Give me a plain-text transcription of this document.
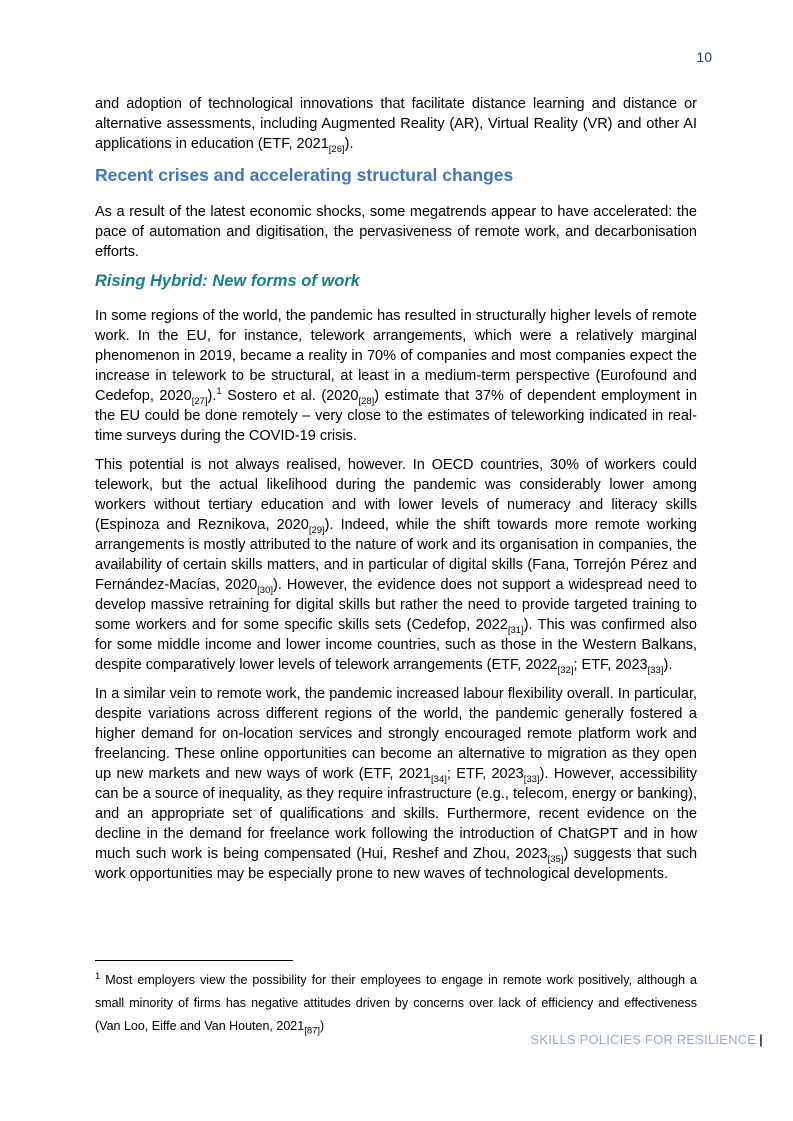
10

and adoption of technological innovations that facilitate distance learning and distance or alternative assessments, including Augmented Reality (AR), Virtual Reality (VR) and other AI applications in education (ETF, $2021_{[26]}$).

Recent crises and accelerating structural changes

As a result of the latest economic shocks, some megatrends appear to have accelerated: the pace of automation and digitisation, the pervasiveness of remote work, and decarbonisation efforts.

Rising Hybrid: New forms of work

In some regions of the world, the pandemic has resulted in structurally higher levels of remote work. In the EU, for instance, telework arrangements, which were a relatively marginal phenomenon in 2019, became a reality in 70% of companies and most companies expect the increase in telework to be structural, at least in a medium-term perspective (Eurofound and Cedefop, $2020_{[27]}).^1$ Sostero et al. $(2020_{[28]})$ estimate that 37% of dependent employment in the EU could be done remotely – very close to the estimates of teleworking indicated in real-time surveys during the COVID-19 crisis.

This potential is not always realised, however. In OECD countries, 30% of workers could telework, but the actual likelihood during the pandemic was considerably lower among workers without tertiary education and with lower levels of numeracy and literacy skills (Espinoza and Reznikova, $2020_{[29]}$). Indeed, while the shift towards more remote working arrangements is mostly attributed to the nature of work and its organisation in companies, the availability of certain skills matters, and in particular of digital skills (Fana, Torrejón Pérez and Fernández-Macías, $2020_{[30]}$). However, the evidence does not support a widespread need to develop massive retraining for digital skills but rather the need to provide targeted training to some workers and for some specific skills sets (Cedefop, $2022_{[31]}$). This was confirmed also for some middle income and lower income countries, such as those in the Western Balkans, despite comparatively lower levels of telework arrangements (ETF, $2022_{[32]}$; ETF, $2023_{[33]}$).

In a similar vein to remote work, the pandemic increased labour flexibility overall. In particular, despite variations across different regions of the world, the pandemic generally fostered a higher demand for on-location services and strongly encouraged remote platform work and freelancing. These online opportunities can become an alternative to migration as they open up new markets and new ways of work (ETF, $2021_{[34]}$; ETF, $2023_{[33]}$). However, accessibility can be a source of inequality, as they require infrastructure (e.g., telecom, energy or banking), and an appropriate set of qualifications and skills. Furthermore, recent evidence on the decline in the demand for freelance work following the introduction of ChatGPT and in how much such work is being compensated (Hui, Reshef and Zhou, $2023_{[35]}$) suggests that such work opportunities may be especially prone to new waves of technological developments.

$^1$ Most employers view the possibility for their employees to engage in remote work positively, although a small minority of firms has negative attitudes driven by concerns over lack of efficiency and effectiveness (Van Loo, Eiffe and Van Houten, $2021_{[87]}$)

SKILLS POLICIES FOR RESILIENCE |
